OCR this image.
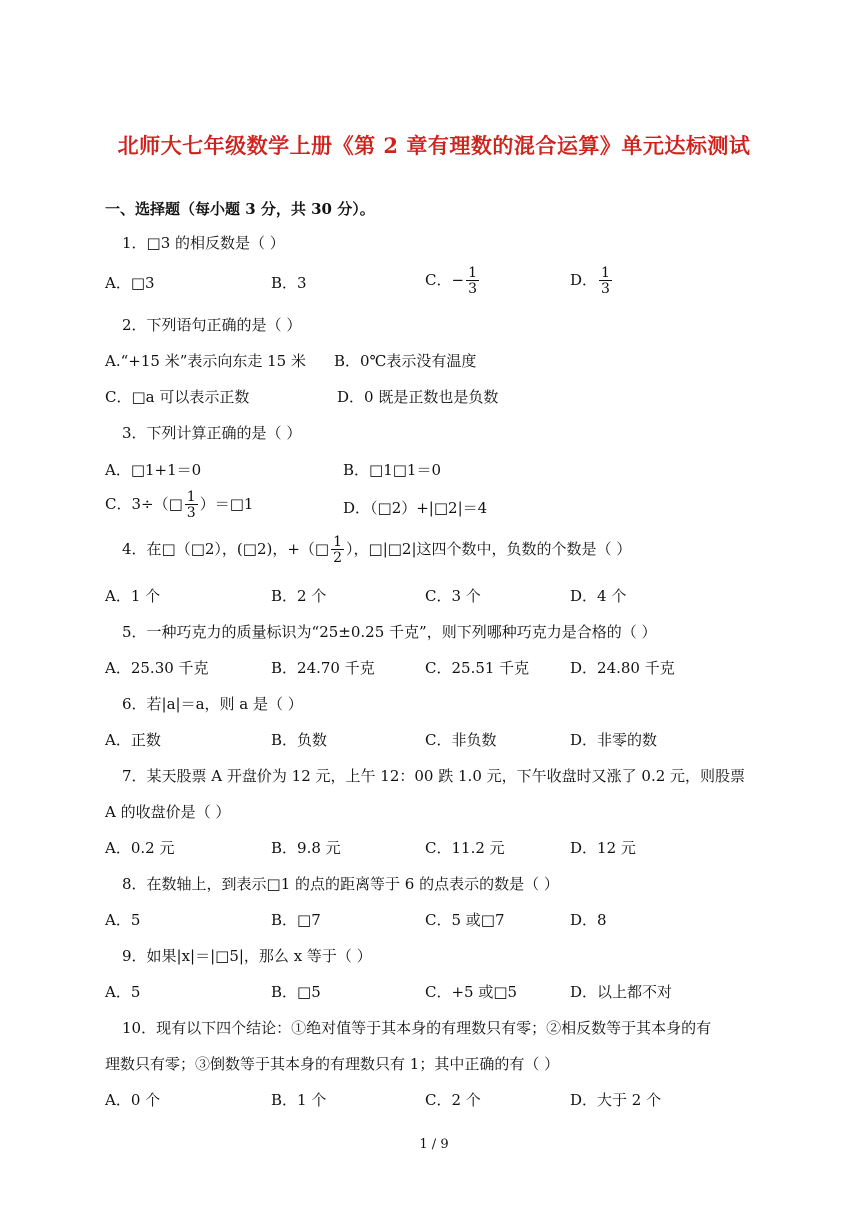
北师大七年级数学上册《第 2 章有理数的混合运算》单元达标测试
一、选择题（每小题 3 分，共 30 分）。
1．□3 的相反数是（ ）
A．□3	B．3	C．− $\frac{1}{3}$	D． $\frac{1}{3}$
2．下列语句正确的是（ ）
A.“+15 米”表示向东走 15 米 B．0℃表示没有温度
C．□a 可以表示正数	D．0 既是正数也是负数
3．下列计算正确的是（ ）
A．□1+1＝0	B．□1□1＝0
C．3÷（□ $\frac{1}{3}$ ）＝□1	D．（□2）+|□2|＝4
4．在□（□2），(□2)，+（□ $\frac{1}{2}$ ），□|□2|这四个数中，负数的个数是（ ）
A．1 个	B．2 个	C．3 个	D．4 个
5．一种巧克力的质量标识为“25±0.25 千克”，则下列哪种巧克力是合格的（ ）
A．25.30 千克	B．24.70 千克	C．25.51 千克	D．24.80 千克
6．若|a|＝a，则 a 是（ ）
A．正数	B．负数	C．非负数	D．非零的数
7．某天股票 A 开盘价为 12 元，上午 12：00 跌 1.0 元，下午收盘时又涨了 0.2 元，则股票
A 的收盘价是（ ）
A．0.2 元	B．9.8 元	C．11.2 元	D．12 元
8．在数轴上，到表示□1 的点的距离等于 6 的点表示的数是（ ）
A．5	B．□7	C．5 或□7	D．8
9．如果|x|＝|□5|，那么 x 等于（ ）
A．5	B．□5	C．+5 或□5	D．以上都不对
10．现有以下四个结论：①绝对值等于其本身的有理数只有零；②相反数等于其本身的有
理数只有零；③倒数等于其本身的有理数只有 1；其中正确的有（ ）
A．0 个	B．1 个	C．2 个	D．大于 2 个
1 / 9
